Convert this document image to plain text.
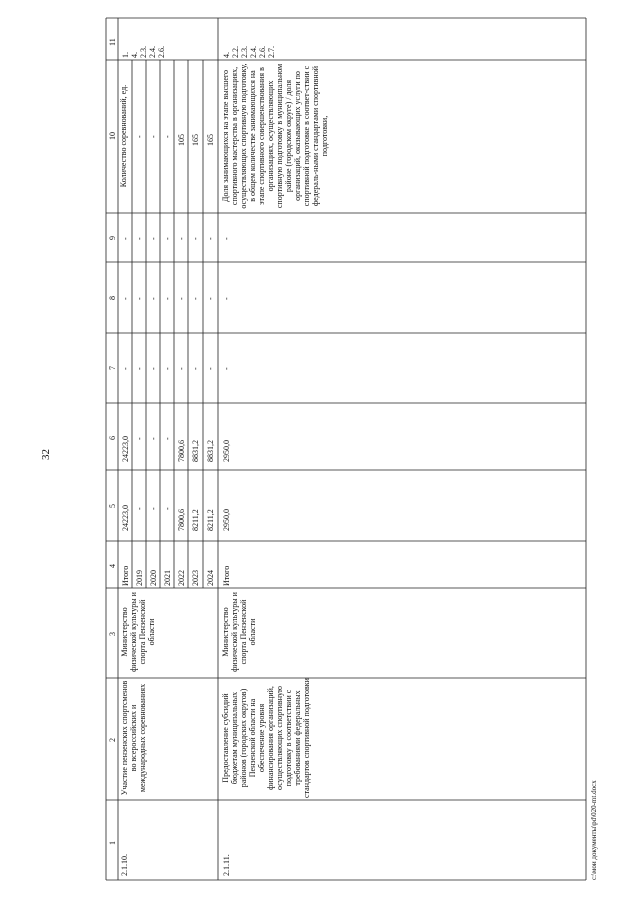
32
c:\мои документы\pd\020-mt.docx
1
2
3
4
5
6
7
8
9
10
11
2.1.10.
Участие пензенских спортсменов во всероссийских и международных соревнованиях
Министерство физической культуры и спорта Пензенской области
Итого 2019 2020 2021 2022 2023 2024
24223,0 - - -
7800,6 8211,2 8211,2
24223,0 - - -
7800,6 8831,2 8831,2
- - - - - - -
- - - - - - -
- - - - - - -
Количество соревнований, ед. - - - 105 165 165
1. 4. 2.3. 2.4. 2.6.
2.1.11.
Предоставление субсидий бюджетам муниципальных районов (городских округов) Пензенской области на обеспечение уровня финансирования организаций, осуществляющих спортивную подготовку в соответствии с требованиями федеральных стандартов спортивной подготовки
Министерство физической культуры и спорта Пензенской области
Итого
2950,0
2950,0
-
-
-
Доля занимающихся на этапе высшего спортивного мастерства в организациях, осуществляющих спортивную подготовку, в общем количестве занимающихся на этапе спортивного совершенствования в организациях, осуществляющих спортивную подготовку в муниципальном районе (городском округе) / доля организаций, оказывающих услуги по спортивной подготовке в соответ-ствии с федераль-ными стандартами спортивной подготовки,
4. 2.2. 2.3. 2.4. 2.6. 2.7.
